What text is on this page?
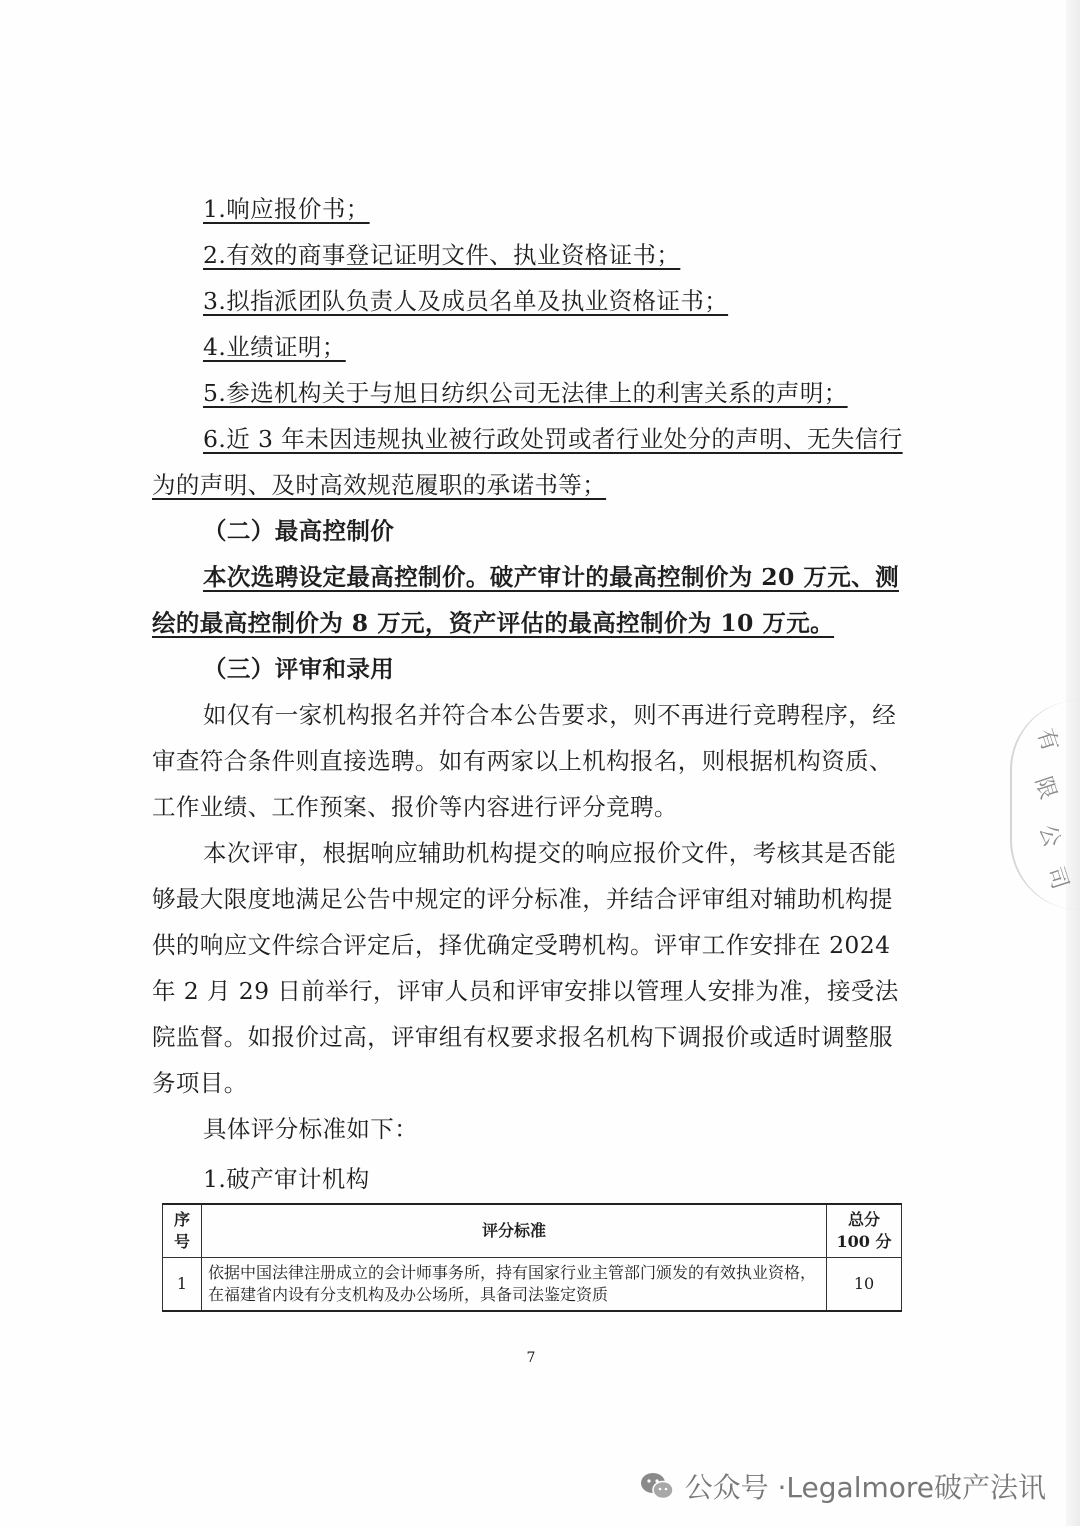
1.响应报价书；
2.有效的商事登记证明文件、执业资格证书；
3.拟指派团队负责人及成员名单及执业资格证书；
4.业绩证明；
5.参选机构关于与旭日纺织公司无法律上的利害关系的声明；
6.近 3 年未因违规执业被行政处罚或者行业处分的声明、无失信行
为的声明、及时高效规范履职的承诺书等；
（二）最高控制价
本次选聘设定最高控制价。破产审计的最高控制价为 20 万元、测
绘的最高控制价为 8 万元，资产评估的最高控制价为 10 万元。
（三）评审和录用
如仅有一家机构报名并符合本公告要求，则不再进行竞聘程序，经
审查符合条件则直接选聘。如有两家以上机构报名，则根据机构资质、
工作业绩、工作预案、报价等内容进行评分竞聘。
本次评审，根据响应辅助机构提交的响应报价文件，考核其是否能
够最大限度地满足公告中规定的评分标准，并结合评审组对辅助机构提
供的响应文件综合评定后，择优确定受聘机构。评审工作安排在 2024
年 2 月 29 日前举行，评审人员和评审安排以管理人安排为准，接受法
院监督。如报价过高，评审组有权要求报名机构下调报价或适时调整服
务项目。
具体评分标准如下：
1.破产审计机构
序号	评分标准	总分 100 分
1	依据中国法律注册成立的会计师事务所，持有国家行业主管部门颁发的有效执业资格，在福建省内设有分支机构及办公场所，具备司法鉴定资质	10
7
有
限
公
司
公众号 · Legalmore破产法讯
